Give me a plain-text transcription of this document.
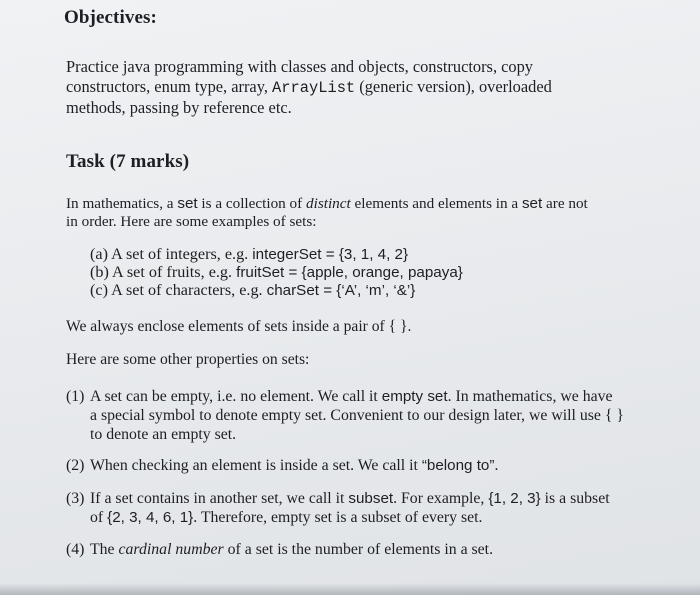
Objectives:
Practice java programming with classes and objects, constructors, copy
constructors, enum type, array, ArrayList (generic version), overloaded
methods, passing by reference etc.
Task (7 marks)
In mathematics, a set is a collection of distinct elements and elements in a set are not
in order. Here are some examples of sets:
(a) A set of integers, e.g. integerSet = {3, 1, 4, 2}
(b) A set of fruits, e.g. fruitSet = {apple, orange, papaya}
(c) A set of characters, e.g. charSet = {‘A’, ‘m’, ‘&’}
We always enclose elements of sets inside a pair of { }.
Here are some other properties on sets:
(1) A set can be empty, i.e. no element. We call it empty set. In mathematics, we have
a special symbol to denote empty set. Convenient to our design later, we will use { }
to denote an empty set.
(2) When checking an element is inside a set. We call it “belong to”.
(3) If a set contains in another set, we call it subset. For example, {1, 2, 3} is a subset
of {2, 3, 4, 6, 1}. Therefore, empty set is a subset of every set.
(4) The cardinal number of a set is the number of elements in a set.
